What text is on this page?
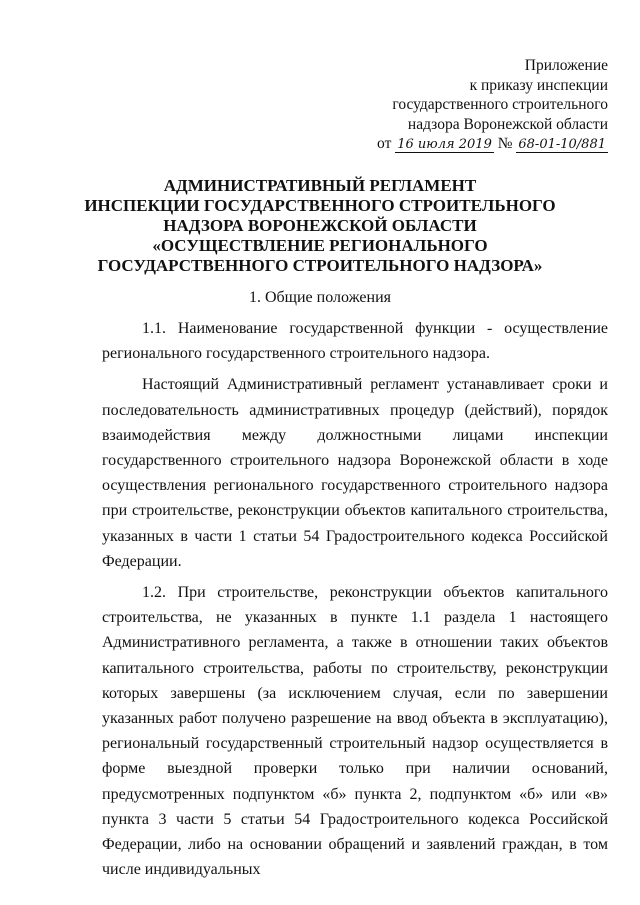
Приложение
к приказу инспекции
государственного строительного
надзора Воронежской области
от 16 июля 2019 № 68-01-10/881
АДМИНИСТРАТИВНЫЙ РЕГЛАМЕНТ
ИНСПЕКЦИИ ГОСУДАРСТВЕННОГО СТРОИТЕЛЬНОГО
НАДЗОРА ВОРОНЕЖСКОЙ ОБЛАСТИ
«ОСУЩЕСТВЛЕНИЕ РЕГИОНАЛЬНОГО
ГОСУДАРСТВЕННОГО СТРОИТЕЛЬНОГО НАДЗОРА»
1. Общие положения

1.1. Наименование государственной функции - осуществление регионального государственного строительного надзора.

Настоящий Административный регламент устанавливает сроки и последовательность административных процедур (действий), порядок взаимодействия между должностными лицами инспекции государственного строительного надзора Воронежской области в ходе осуществления регионального государственного строительного надзора при строительстве, реконструкции объектов капитального строительства, указанных в части 1 статьи 54 Градостроительного кодекса Российской Федерации.

1.2. При строительстве, реконструкции объектов капитального строительства, не указанных в пункте 1.1 раздела 1 настоящего Административного регламента, а также в отношении таких объектов капитального строительства, работы по строительству, реконструкции которых завершены (за исключением случая, если по завершении указанных работ получено разрешение на ввод объекта в эксплуатацию), региональный государственный строительный надзор осуществляется в форме выездной проверки только при наличии оснований, предусмотренных подпунктом «б» пункта 2, подпунктом «б» или «в» пункта 3 части 5 статьи 54 Градостроительного кодекса Российской Федерации, либо на основании обращений и заявлений граждан, в том числе индивидуальных
